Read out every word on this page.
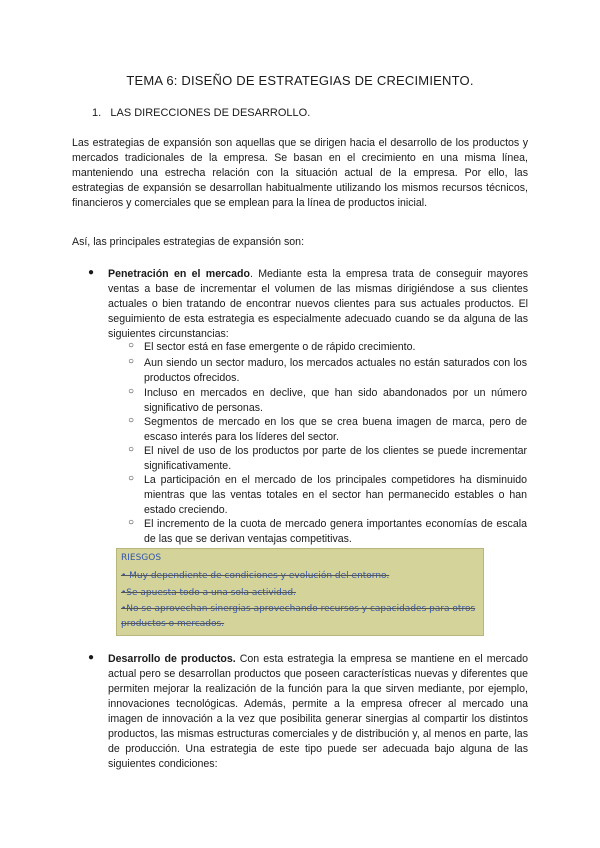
TEMA 6: DISEÑO DE ESTRATEGIAS DE CRECIMIENTO.
1. LAS DIRECCIONES DE DESARROLLO.
Las estrategias de expansión son aquellas que se dirigen hacia el desarrollo de los productos y mercados tradicionales de la empresa. Se basan en el crecimiento en una misma línea, manteniendo una estrecha relación con la situación actual de la empresa. Por ello, las estrategias de expansión se desarrollan habitualmente utilizando los mismos recursos técnicos, financieros y comerciales que se emplean para la línea de productos inicial.
Así, las principales estrategias de expansión son:
● Penetración en el mercado. Mediante esta la empresa trata de conseguir mayores ventas a base de incrementar el volumen de las mismas dirigiéndose a sus clientes actuales o bien tratando de encontrar nuevos clientes para sus actuales productos. El seguimiento de esta estrategia es especialmente adecuado cuando se da alguna de las siguientes circunstancias:
○ El sector está en fase emergente o de rápido crecimiento.
○ Aun siendo un sector maduro, los mercados actuales no están saturados con los productos ofrecidos.
○ Incluso en mercados en declive, que han sido abandonados por un número significativo de personas.
○ Segmentos de mercado en los que se crea buena imagen de marca, pero de escaso interés para los líderes del sector.
○ El nivel de uso de los productos por parte de los clientes se puede incrementar significativamente.
○ La participación en el mercado de los principales competidores ha disminuido mientras que las ventas totales en el sector han permanecido estables o han estado creciendo.
○ El incremento de la cuota de mercado genera importantes economías de escala de las que se derivan ventajas competitivas.
RIESGOS
• Muy dependiente de condiciones y evolución del entorno.
•Se apuesta todo a una sola actividad.
•No se aprovechan sinergias aprovechando recursos y capacidades para otros
productos o mercados.
● Desarrollo de productos. Con esta estrategia la empresa se mantiene en el mercado actual pero se desarrollan productos que poseen características nuevas y diferentes que permiten mejorar la realización de la función para la que sirven mediante, por ejemplo, innovaciones tecnológicas. Además, permite a la empresa ofrecer al mercado una imagen de innovación a la vez que posibilita generar sinergias al compartir los distintos productos, las mismas estructuras comerciales y de distribución y, al menos en parte, las de producción. Una estrategia de este tipo puede ser adecuada bajo alguna de las siguientes condiciones:
